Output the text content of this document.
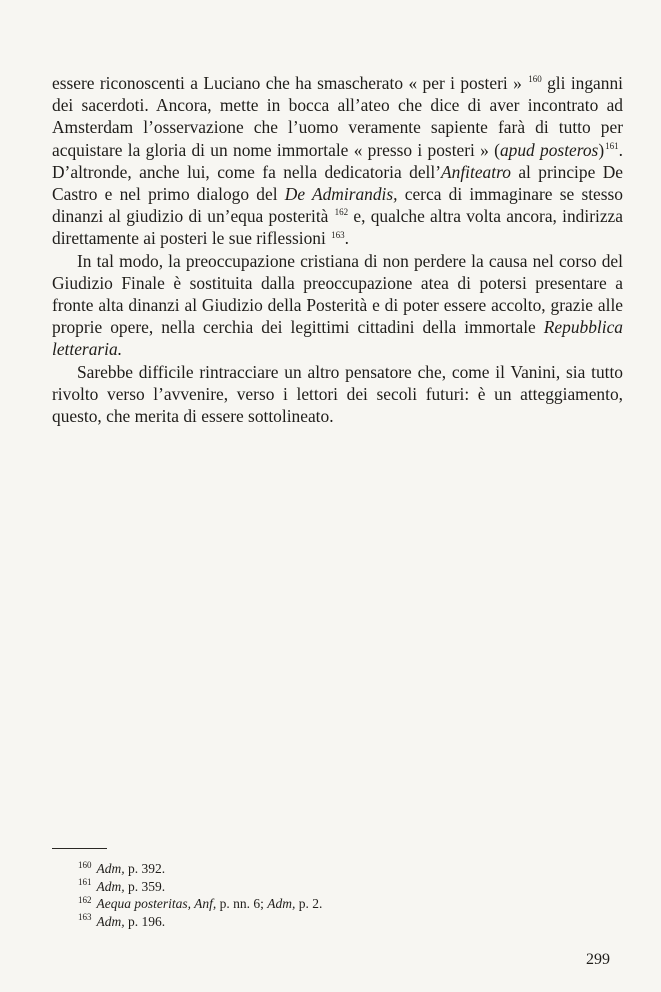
essere riconoscenti a Luciano che ha smascherato « per i posteri » $^{160}$ gli inganni dei sacerdoti. Ancora, mette in bocca all’ateo che dice di aver incontrato ad Amsterdam l’osservazione che l’uomo veramente sapiente farà di tutto per acquistare la gloria di un nome immortale « presso i posteri » (apud posteros)$^{161}$. D’altronde, anche lui, come fa nella dedicatoria dell’Anfiteatro al principe De Castro e nel primo dialogo del De Admirandis, cerca di immaginare se stesso dinanzi al giudizio di un’equa posterità $^{162}$ e, qualche altra volta ancora, indirizza direttamente ai posteri le sue riflessioni $^{163}$.

In tal modo, la preoccupazione cristiana di non perdere la causa nel corso del Giudizio Finale è sostituita dalla preoccupazione atea di potersi presentare a fronte alta dinanzi al Giudizio della Posterità e di poter essere accolto, grazie alle proprie opere, nella cerchia dei legittimi cittadini della immortale Repubblica letteraria.

Sarebbe difficile rintracciare un altro pensatore che, come il Vanini, sia tutto rivolto verso l’avvenire, verso i lettori dei secoli futuri: è un atteggiamento, questo, che merita di essere sottolineato.

$^{160}$ Adm, p. 392.
$^{161}$ Adm, p. 359.
$^{162}$ Aequa posteritas, Anf, p. nn. 6; Adm, p. 2.
$^{163}$ Adm, p. 196.
299
